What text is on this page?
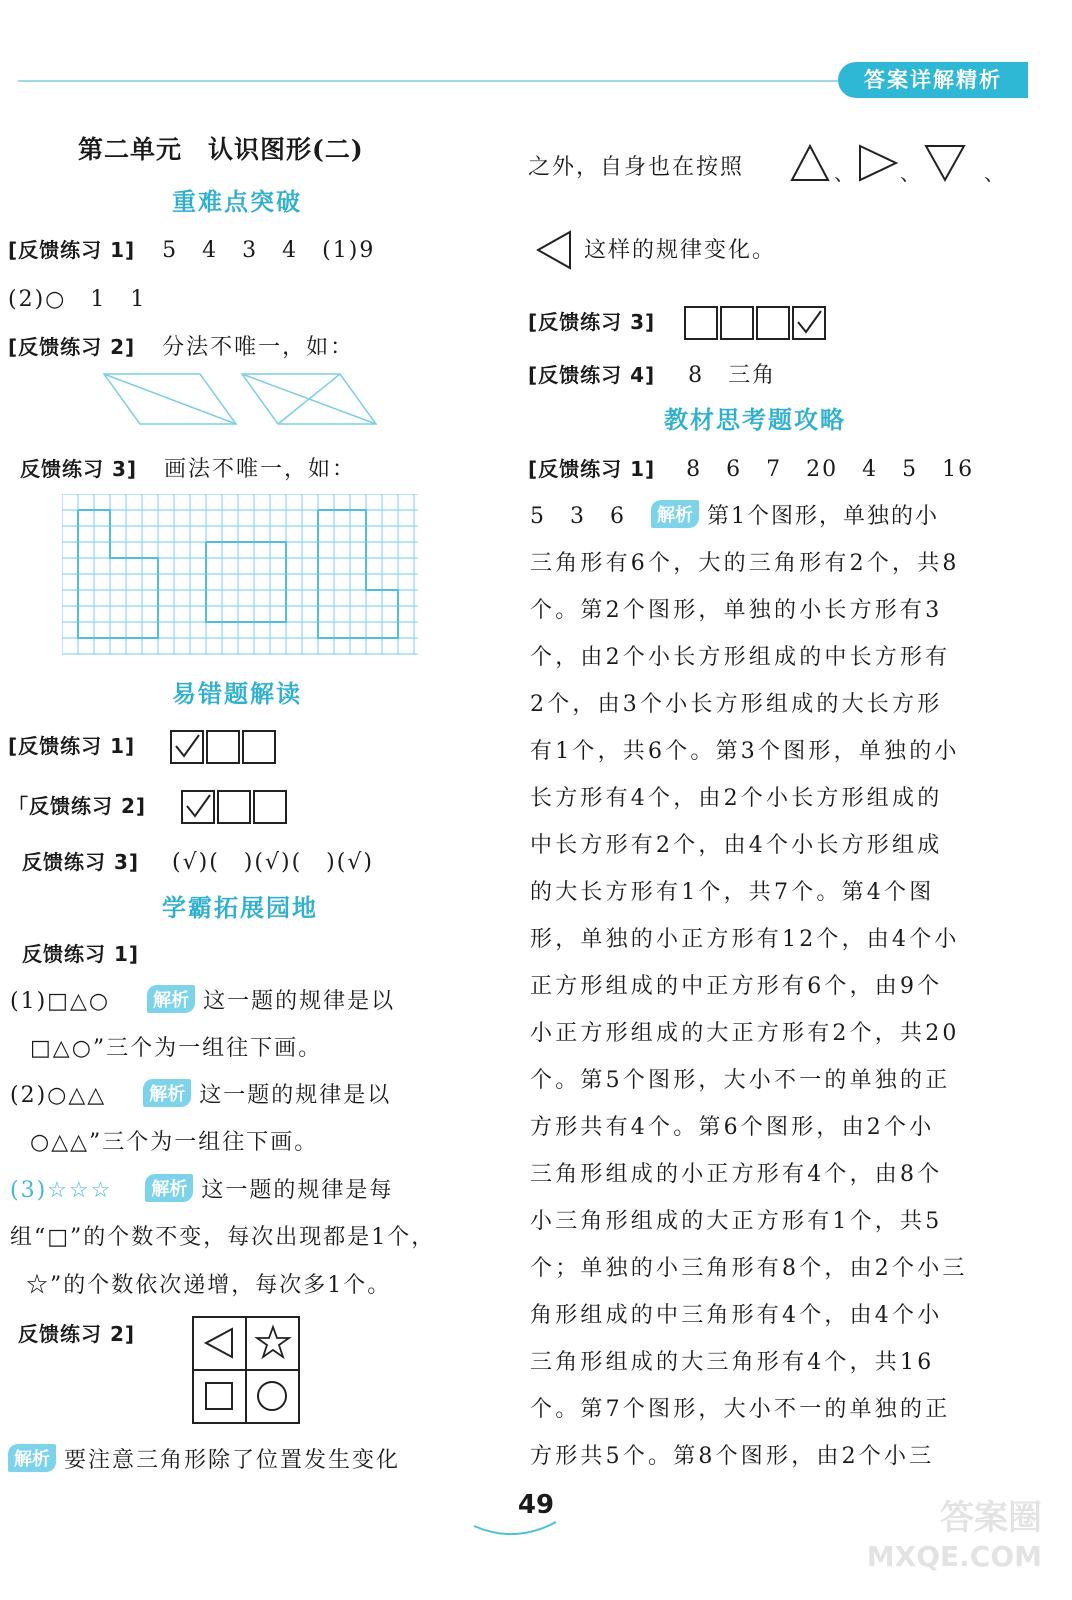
答案详解精析
第二单元　认识图形(二)
重难点突破
[反馈练习 1] 5　4　3　4　(1)9
(2)○　1　1
[反馈练习 2] 分法不唯一，如：
反馈练习 3] 画法不唯一，如：
易错题解读
[反馈练习 1]
「反馈练习 2]
反馈练习 3] (√)(　)(√)(　)(√)
学霸拓展园地
反馈练习 1]
(1)□△○ 解析 这一题的规律是以
□△○”三个为一组往下画。
(2)○△△ 解析 这一题的规律是以
○△△”三个为一组往下画。
(3)☆☆☆ 解析 这一题的规律是每
组“□”的个数不变，每次出现都是1个，
☆”的个数依次递增，每次多1个。
反馈练习 2]
解析 要注意三角形除了位置发生变化
之外，自身也在按照	、 、	、
这样的规律变化。
[反馈练习 3]
[反馈练习 4] 8　三角
教材思考题攻略
[反馈练习 1] 8　6　7　20　4　5　16
5　3　6 解析 第1个图形，单独的小
三角形有6个，大的三角形有2个，共8
个。第2个图形，单独的小长方形有3
个，由2个小长方形组成的中长方形有
2个，由3个小长方形组成的大长方形
有1个，共6个。第3个图形，单独的小
长方形有4个，由2个小长方形组成的
中长方形有2个，由4个小长方形组成
的大长方形有1个，共7个。第4个图
形，单独的小正方形有12个，由4个小
正方形组成的中正方形有6个，由9个
小正方形组成的大正方形有2个，共20
个。第5个图形，大小不一的单独的正
方形共有4个。第6个图形，由2个小
三角形组成的小正方形有4个，由8个
小三角形组成的大正方形有1个，共5
个；单独的小三角形有8个，由2个小三
角形组成的中三角形有4个，由4个小
三角形组成的大三角形有4个，共16
个。第7个图形，大小不一的单独的正
方形共5个。第8个图形，由2个小三
49	答案圈
MXQE.COM
